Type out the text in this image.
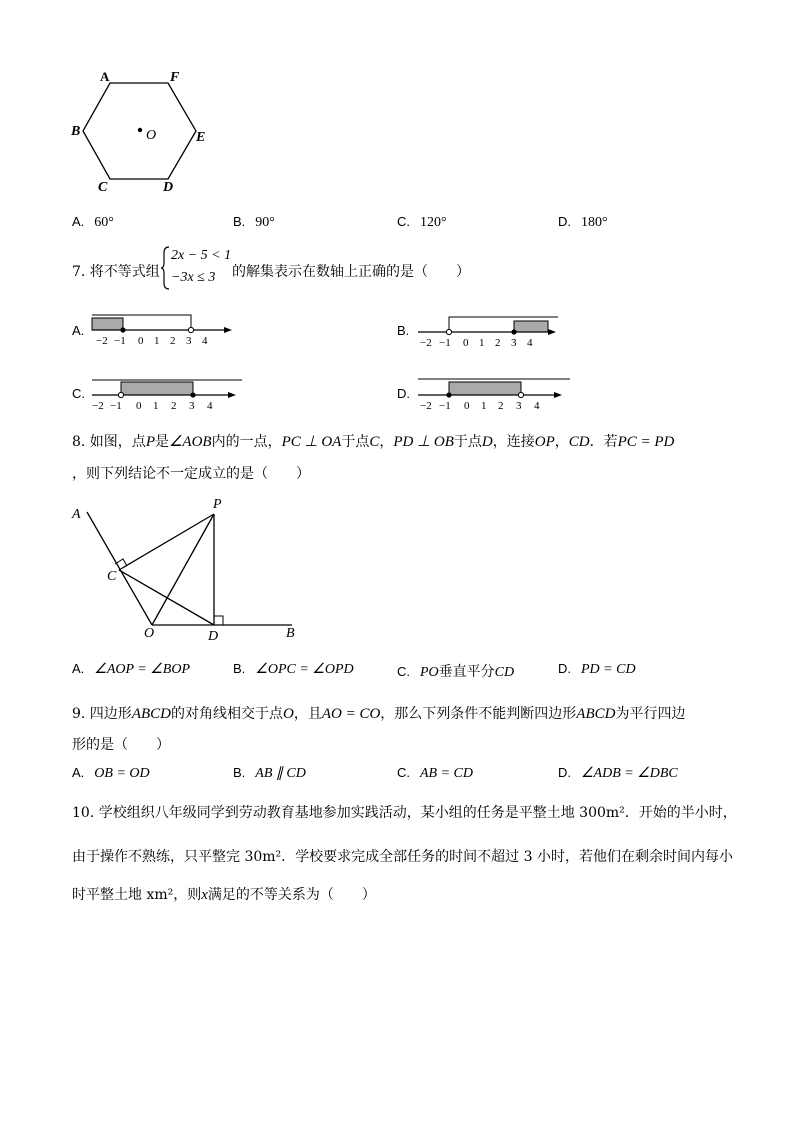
A	F
B	O	E
C	D
A. 60°	B. 90°	C. 120°	D. 180°
7. 将不等式组
2x − 5 < 1
−3x ≤ 3 的解集表示在数轴上正确的是（　　）
A.
−2 −1 0 1 2 3 4
B.
−2 −1 0 1 2 3 4
C.
−2 −1 0 1 2 3 4
D.
−2 −1 0 1 2 3 4
8. 如图，点P是∠AOB内的一点，PC ⊥ OA于点C，PD ⊥ OB于点D，连接OP，CD．若PC = PD
，则下列结论不一定成立的是（　　）
A
P
C
O	D	B
A. ∠AOP = ∠BOP	B. ∠OPC = ∠OPD	C. PO垂直平分CD	D. PD = CD
9. 四边形ABCD的对角线相交于点O，且AO = CO，那么下列条件不能判断四边形ABCD为平行四边
形的是（　　）
A. OB = OD	B. AB ∥ CD	C. AB = CD	D. ∠ADB = ∠DBC
10. 学校组织八年级同学到劳动教育基地参加实践活动，某小组的任务是平整土地 300m²．开始的半小时，
由于操作不熟练，只平整完 30m²．学校要求完成全部任务的时间不超过 3 小时，若他们在剩余时间内每小
时平整土地 xm²，则x满足的不等关系为（　　）
